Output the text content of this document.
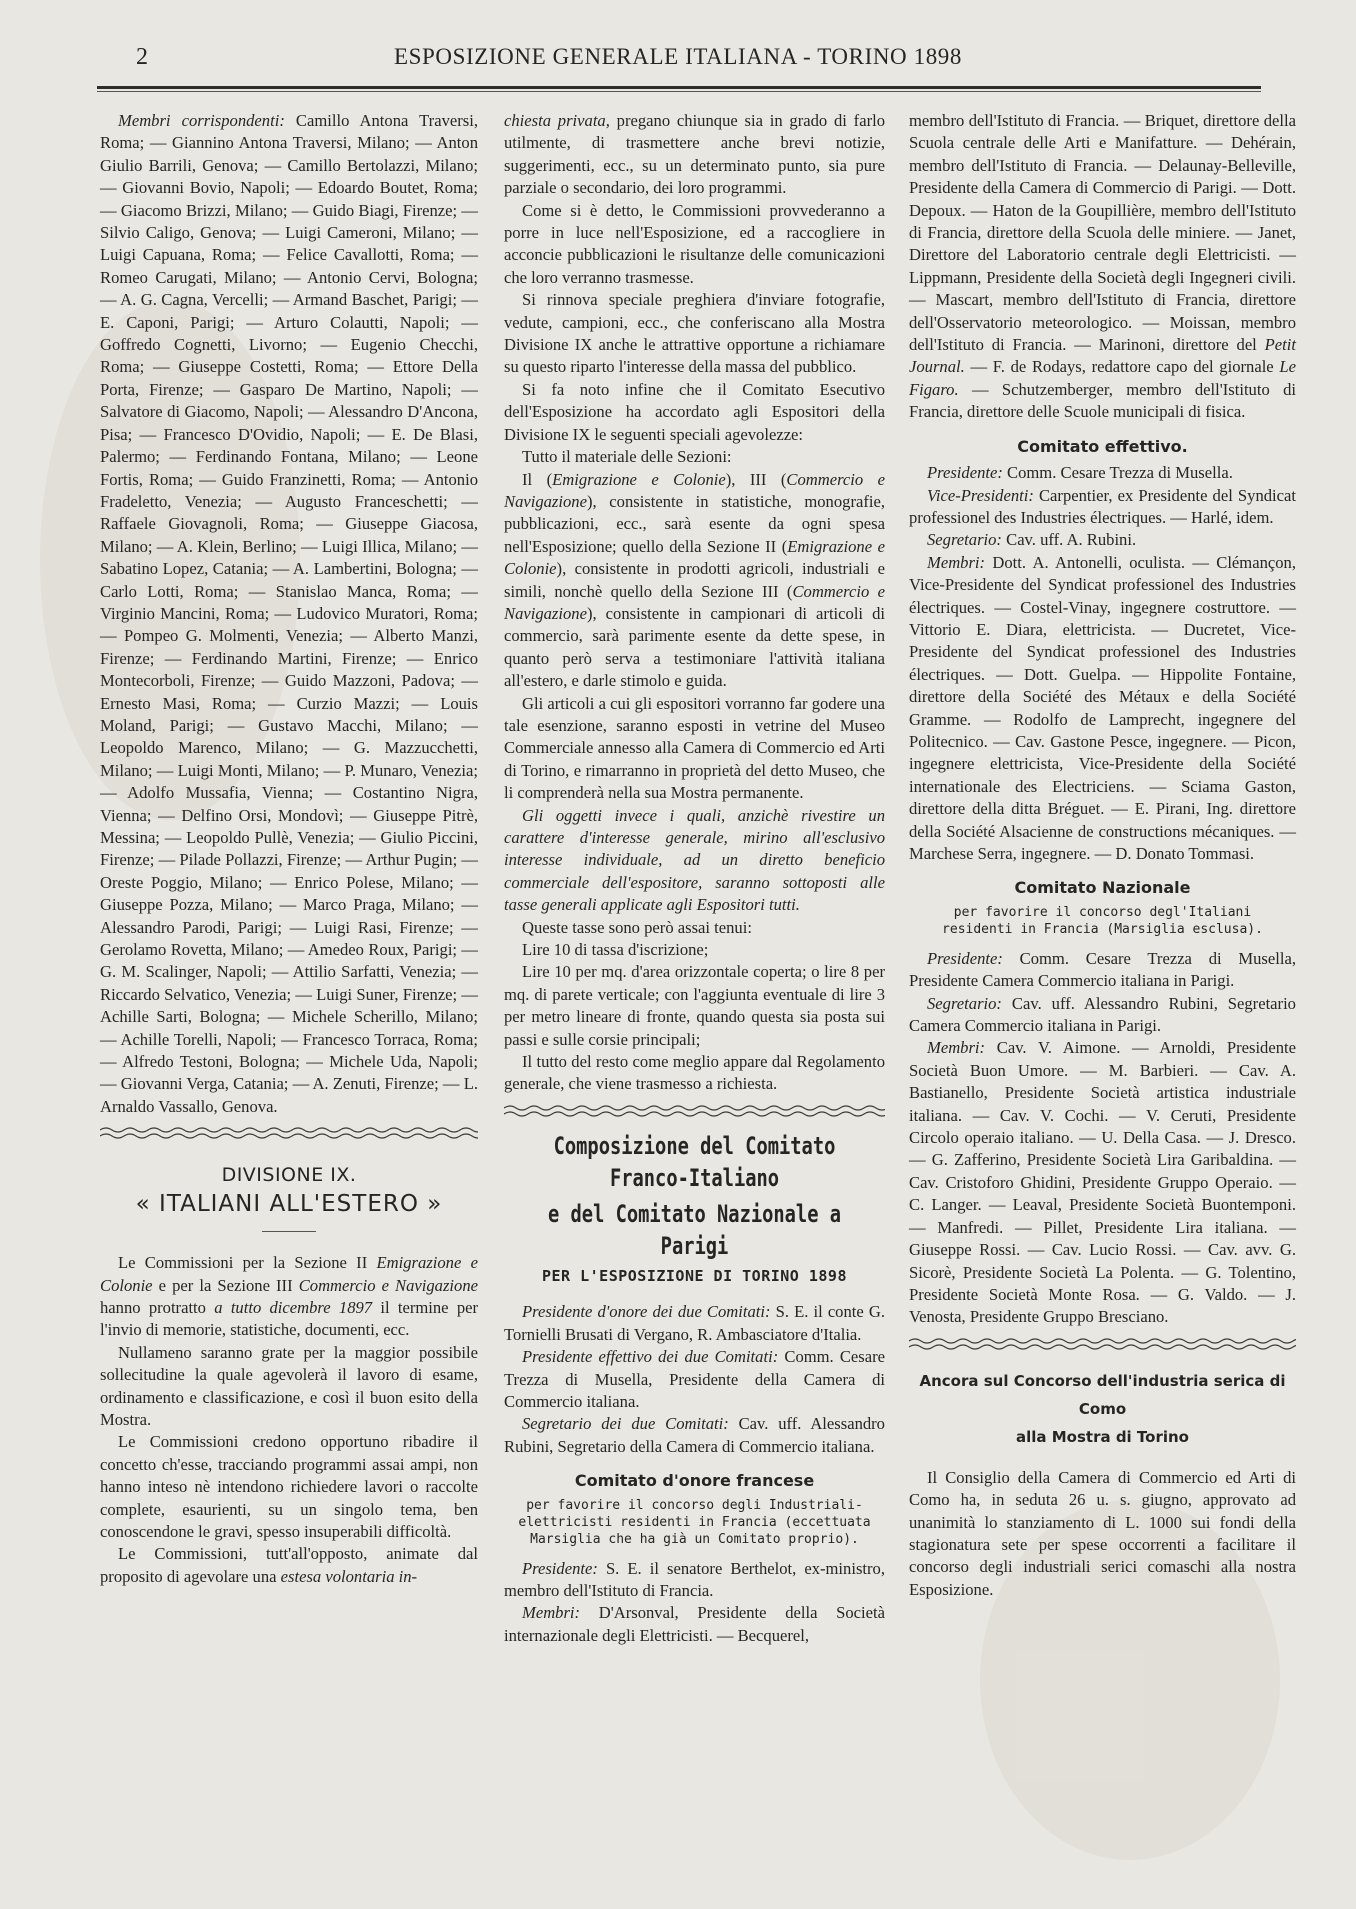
2	ESPOSIZIONE GENERALE ITALIANA - TORINO 1898

Membri corrispondenti: Camillo Antona Traversi, Roma; — Giannino Antona Traversi, Milano; — Anton Giulio Barrili, Genova; — Camillo Bertolazzi, Milano; — Giovanni Bovio, Napoli; — Edoardo Boutet, Roma; — Giacomo Brizzi, Milano; — Guido Biagi, Firenze; — Silvio Caligo, Genova; — Luigi Cameroni, Milano; — Luigi Capuana, Roma; — Felice Cavallotti, Roma; — Romeo Carugati, Milano; — Antonio Cervi, Bologna; — A. G. Cagna, Vercelli; — Armand Baschet, Parigi; — E. Caponi, Parigi; — Arturo Colautti, Napoli; — Goffredo Cognetti, Livorno; — Eugenio Checchi, Roma; — Giuseppe Costetti, Roma; — Ettore Della Porta, Firenze; — Gasparo De Martino, Napoli; — Salvatore di Giacomo, Napoli; — Alessandro D'Ancona, Pisa; — Francesco D'Ovidio, Napoli; — E. De Blasi, Palermo; — Ferdinando Fontana, Milano; — Leone Fortis, Roma; — Guido Franzinetti, Roma; — Antonio Fradeletto, Venezia; — Augusto Franceschetti; — Raffaele Giovagnoli, Roma; — Giuseppe Giacosa, Milano; — A. Klein, Berlino; — Luigi Illica, Milano; — Sabatino Lopez, Catania; — A. Lambertini, Bologna; — Carlo Lotti, Roma; — Stanislao Manca, Roma; — Virginio Mancini, Roma; — Ludovico Muratori, Roma; — Pompeo G. Molmenti, Venezia; — Alberto Manzi, Firenze; — Ferdinando Martini, Firenze; — Enrico Montecorboli, Firenze; — Guido Mazzoni, Padova; — Ernesto Masi, Roma; — Curzio Mazzi; — Louis Moland, Parigi; — Gustavo Macchi, Milano; — Leopoldo Marenco, Milano; — G. Mazzucchetti, Milano; — Luigi Monti, Milano; — P. Munaro, Venezia; — Adolfo Mussafia, Vienna; — Costantino Nigra, Vienna; — Delfino Orsi, Mondovì; — Giuseppe Pitrè, Messina; — Leopoldo Pullè, Venezia; — Giulio Piccini, Firenze; — Pilade Pollazzi, Firenze; — Arthur Pugin; — Oreste Poggio, Milano; — Enrico Polese, Milano; — Giuseppe Pozza, Milano; — Marco Praga, Milano; — Alessandro Parodi, Parigi; — Luigi Rasi, Firenze; — Gerolamo Rovetta, Milano; — Amedeo Roux, Parigi; — G. M. Scalinger, Napoli; — Attilio Sarfatti, Venezia; — Riccardo Selvatico, Venezia; — Luigi Suner, Firenze; — Achille Sarti, Bologna; — Michele Scherillo, Milano; — Achille Torelli, Napoli; — Francesco Torraca, Roma; — Alfredo Testoni, Bologna; — Michele Uda, Napoli; — Giovanni Verga, Catania; — A. Zenuti, Firenze; — L. Arnaldo Vassallo, Genova.

DIVISIONE IX.
« ITALIANI ALL'ESTERO »

Le Commissioni per la Sezione II Emigrazione e Colonie e per la Sezione III Commercio e Navigazione hanno protratto a tutto dicembre 1897 il termine per l'invio di memorie, statistiche, documenti, ecc.

Nullameno saranno grate per la maggior possibile sollecitudine la quale agevolerà il lavoro di esame, ordinamento e classificazione, e così il buon esito della Mostra.

Le Commissioni credono opportuno ribadire il concetto ch'esse, tracciando programmi assai ampi, non hanno inteso nè intendono richiedere lavori o raccolte complete, esaurienti, su un singolo tema, ben conoscendone le gravi, spesso insuperabili difficoltà.

Le Commissioni, tutt'all'opposto, animate dal proposito di agevolare una estesa volontaria in-

chiesta privata, pregano chiunque sia in grado di farlo utilmente, di trasmettere anche brevi notizie, suggerimenti, ecc., su un determinato punto, sia pure parziale o secondario, dei loro programmi.

Come si è detto, le Commissioni provvederanno a porre in luce nell'Esposizione, ed a raccogliere in acconcie pubblicazioni le risultanze delle comunicazioni che loro verranno trasmesse.

Si rinnova speciale preghiera d'inviare fotografie, vedute, campioni, ecc., che conferiscano alla Mostra Divisione IX anche le attrattive opportune a richiamare su questo riparto l'interesse della massa del pubblico.

Si fa noto infine che il Comitato Esecutivo dell'Esposizione ha accordato agli Espositori della Divisione IX le seguenti speciali agevolezze:

Tutto il materiale delle Sezioni:

Il (Emigrazione e Colonie), III (Commercio e Navigazione), consistente in statistiche, monografie, pubblicazioni, ecc., sarà esente da ogni spesa nell'Esposizione; quello della Sezione II (Emigrazione e Colonie), consistente in prodotti agricoli, industriali e simili, nonchè quello della Sezione III (Commercio e Navigazione), consistente in campionari di articoli di commercio, sarà parimente esente da dette spese, in quanto però serva a testimoniare l'attività italiana all'estero, e darle stimolo e guida.

Gli articoli a cui gli espositori vorranno far godere una tale esenzione, saranno esposti in vetrine del Museo Commerciale annesso alla Camera di Commercio ed Arti di Torino, e rimarranno in proprietà del detto Museo, che li comprenderà nella sua Mostra permanente.

Gli oggetti invece i quali, anzichè rivestire un carattere d'interesse generale, mirino all'esclusivo interesse individuale, ad un diretto beneficio commerciale dell'espositore, saranno sottoposti alle tasse generali applicate agli Espositori tutti.

Queste tasse sono però assai tenui:

Lire 10 di tassa d'iscrizione;

Lire 10 per mq. d'area orizzontale coperta; o lire 8 per mq. di parete verticale; con l'aggiunta eventuale di lire 3 per metro lineare di fronte, quando questa sia posta sui passi e sulle corsie principali;

Il tutto del resto come meglio appare dal Regolamento generale, che viene trasmesso a richiesta.

Composizione del Comitato Franco-Italiano
e del Comitato Nazionale a Parigi
PER L'ESPOSIZIONE DI TORINO 1898

Presidente d'onore dei due Comitati: S. E. il conte G. Tornielli Brusati di Vergano, R. Ambasciatore d'Italia.

Presidente effettivo dei due Comitati: Comm. Cesare Trezza di Musella, Presidente della Camera di Commercio italiana.

Segretario dei due Comitati: Cav. uff. Alessandro Rubini, Segretario della Camera di Commercio italiana.

Comitato d'onore francese
per favorire il concorso degli Industriali-elettricisti residenti in Francia (eccettuata Marsiglia che ha già un Comitato proprio).

Presidente: S. E. il senatore Berthelot, ex-ministro, membro dell'Istituto di Francia.

Membri: D'Arsonval, Presidente della Società internazionale degli Elettricisti. — Becquerel,

membro dell'Istituto di Francia. — Briquet, direttore della Scuola centrale delle Arti e Manifatture. — Dehérain, membro dell'Istituto di Francia. — Delaunay-Belleville, Presidente della Camera di Commercio di Parigi. — Dott. Depoux. — Haton de la Goupillière, membro dell'Istituto di Francia, direttore della Scuola delle miniere. — Janet, Direttore del Laboratorio centrale degli Elettricisti. — Lippmann, Presidente della Società degli Ingegneri civili. — Mascart, membro dell'Istituto di Francia, direttore dell'Osservatorio meteorologico. — Moissan, membro dell'Istituto di Francia. — Marinoni, direttore del Petit Journal. — F. de Rodays, redattore capo del giornale Le Figaro. — Schutzemberger, membro dell'Istituto di Francia, direttore delle Scuole municipali di fisica.

Comitato effettivo.

Presidente: Comm. Cesare Trezza di Musella.

Vice-Presidenti: Carpentier, ex Presidente del Syndicat professionel des Industries électriques. — Harlé, idem.

Segretario: Cav. uff. A. Rubini.

Membri: Dott. A. Antonelli, oculista. — Clémançon, Vice-Presidente del Syndicat professionel des Industries électriques. — Costel-Vinay, ingegnere costruttore. — Vittorio E. Diara, elettricista. — Ducretet, Vice-Presidente del Syndicat professionel des Industries électriques. — Dott. Guelpa. — Hippolite Fontaine, direttore della Société des Métaux e della Société Gramme. — Rodolfo de Lamprecht, ingegnere del Politecnico. — Cav. Gastone Pesce, ingegnere. — Picon, ingegnere elettricista, Vice-Presidente della Société internationale des Electriciens. — Sciama Gaston, direttore della ditta Bréguet. — E. Pirani, Ing. direttore della Société Alsacienne de constructions mécaniques. — Marchese Serra, ingegnere. — D. Donato Tommasi.

Comitato Nazionale
per favorire il concorso degl'Italiani residenti in Francia (Marsiglia esclusa).

Presidente: Comm. Cesare Trezza di Musella, Presidente Camera Commercio italiana in Parigi.

Segretario: Cav. uff. Alessandro Rubini, Segretario Camera Commercio italiana in Parigi.

Membri: Cav. V. Aimone. — Arnoldi, Presidente Società Buon Umore. — M. Barbieri. — Cav. A. Bastianello, Presidente Società artistica industriale italiana. — Cav. V. Cochi. — V. Ceruti, Presidente Circolo operaio italiano. — U. Della Casa. — J. Dresco. — G. Zafferino, Presidente Società Lira Garibaldina. — Cav. Cristoforo Ghidini, Presidente Gruppo Operaio. — C. Langer. — Leaval, Presidente Società Buontemponi. — Manfredi. — Pillet, Presidente Lira italiana. — Giuseppe Rossi. — Cav. Lucio Rossi. — Cav. avv. G. Sicorè, Presidente Società La Polenta. — G. Tolentino, Presidente Società Monte Rosa. — G. Valdo. — J. Venosta, Presidente Gruppo Bresciano.

Ancora sul Concorso dell'industria serica di Como
alla Mostra di Torino

Il Consiglio della Camera di Commercio ed Arti di Como ha, in seduta 26 u. s. giugno, approvato ad unanimità lo stanziamento di L. 1000 sui fondi della stagionatura sete per spese occorrenti a facilitare il concorso degli industriali serici comaschi alla nostra Esposizione.
